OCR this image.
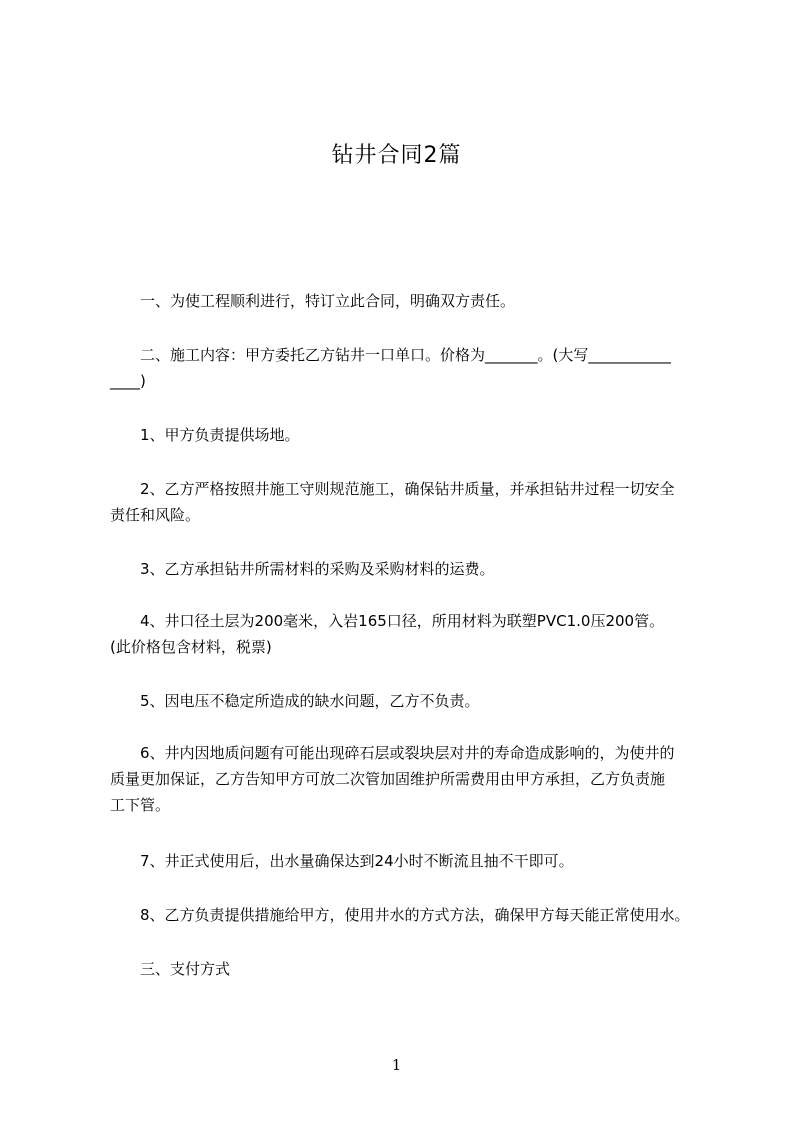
钻井合同2篇
　　一、为使工程顺利进行，特订立此合同，明确双方责任。
　　二、施工内容：甲方委托乙方钻井一口单口。价格为_______。(大写___________
____)
　　1、甲方负责提供场地。
　　2、乙方严格按照井施工守则规范施工，确保钻井质量，并承担钻井过程一切安全
责任和风险。
　　3、乙方承担钻井所需材料的采购及采购材料的运费。
　　4、井口径土层为200毫米，入岩165口径，所用材料为联塑PVC1.0压200管。
(此价格包含材料，税票)
　　5、因电压不稳定所造成的缺水问题，乙方不负责。
　　6、井内因地质问题有可能出现碎石层或裂块层对井的寿命造成影响的，为使井的
质量更加保证，乙方告知甲方可放二次管加固维护所需费用由甲方承担，乙方负责施
工下管。
　　7、井正式使用后，出水量确保达到24小时不断流且抽不干即可。
　　8、乙方负责提供措施给甲方，使用井水的方式方法，确保甲方每天能正常使用水。
　　三、支付方式
1
